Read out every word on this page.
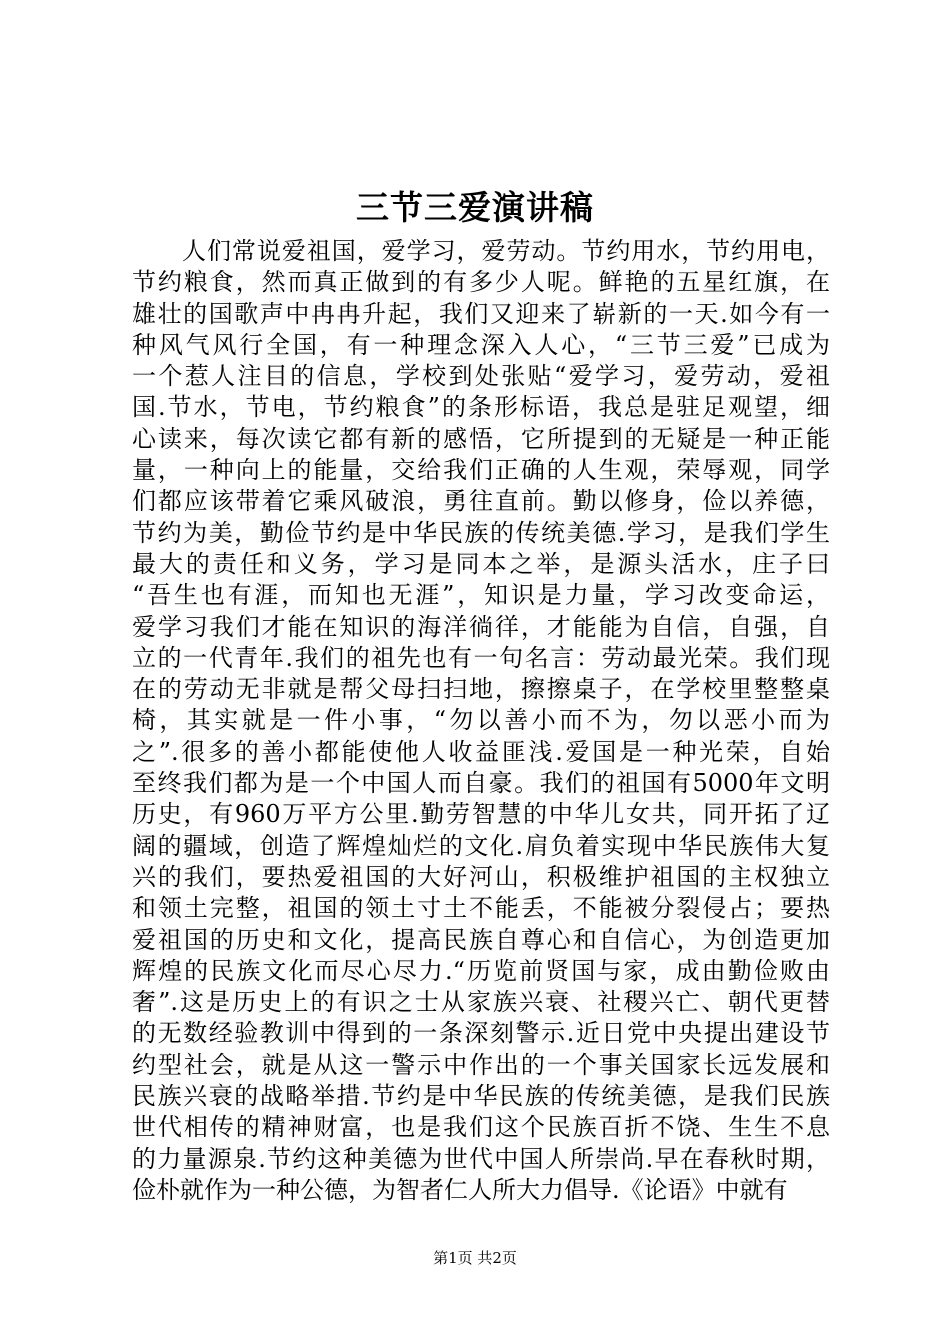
三节三爱演讲稿
人们常说爱祖国，爱学习，爱劳动。节约用水，节约用电，
节约粮食，然而真正做到的有多少人呢。鲜艳的五星红旗，在
雄壮的国歌声中冉冉升起，我们又迎来了崭新的一天.如今有一
种风气风行全国，有一种理念深入人心，“三节三爱”已成为
一个惹人注目的信息，学校到处张贴“爱学习，爱劳动，爱祖
国.节水，节电，节约粮食”的条形标语，我总是驻足观望，细
心读来，每次读它都有新的感悟，它所提到的无疑是一种正能
量，一种向上的能量，交给我们正确的人生观，荣辱观，同学
们都应该带着它乘风破浪，勇往直前。勤以修身，俭以养德，
节约为美，勤俭节约是中华民族的传统美德.学习，是我们学生
最大的责任和义务，学习是同本之举，是源头活水，庄子曰
“吾生也有涯，而知也无涯”，知识是力量，学习改变命运，
爱学习我们才能在知识的海洋徜徉，才能能为自信，自强，自
立的一代青年.我们的祖先也有一句名言：劳动最光荣。我们现
在的劳动无非就是帮父母扫扫地，擦擦桌子，在学校里整整桌
椅，其实就是一件小事，“勿以善小而不为，勿以恶小而为
之”.很多的善小都能使他人收益匪浅.爱国是一种光荣，自始
至终我们都为是一个中国人而自豪。我们的祖国有5000年文明
历史，有960万平方公里.勤劳智慧的中华儿女共，同开拓了辽
阔的疆域，创造了辉煌灿烂的文化.肩负着实现中华民族伟大复
兴的我们，要热爱祖国的大好河山，积极维护祖国的主权独立
和领土完整，祖国的领土寸土不能丢，不能被分裂侵占；要热
爱祖国的历史和文化，提高民族自尊心和自信心，为创造更加
辉煌的民族文化而尽心尽力.“历览前贤国与家，成由勤俭败由
奢”.这是历史上的有识之士从家族兴衰、社稷兴亡、朝代更替
的无数经验教训中得到的一条深刻警示.近日党中央提出建设节
约型社会，就是从这一警示中作出的一个事关国家长远发展和
民族兴衰的战略举措.节约是中华民族的传统美德，是我们民族
世代相传的精神财富，也是我们这个民族百折不饶、生生不息
的力量源泉.节约这种美德为世代中国人所崇尚.早在春秋时期，
俭朴就作为一种公德，为智者仁人所大力倡导.《论语》中就有
第1页 共2页
